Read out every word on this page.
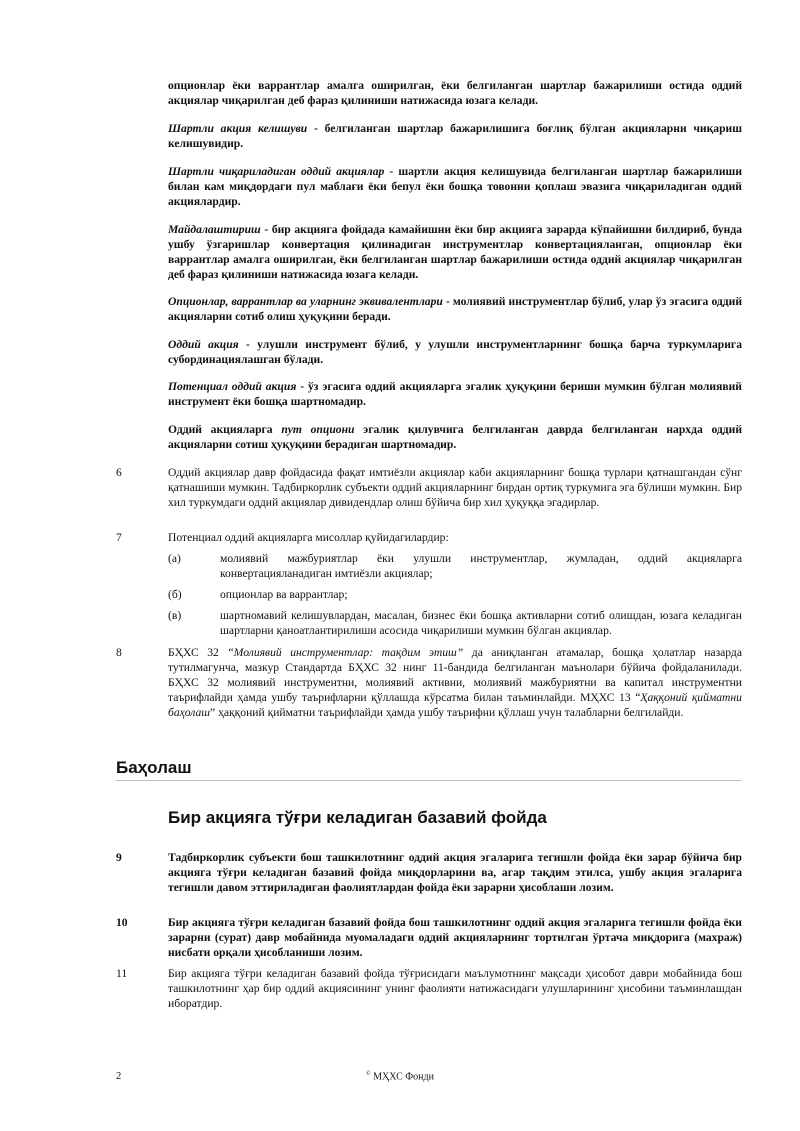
опционлар ёки варрантлар амалга оширилган, ёки белгиланган шартлар бажарилиши остида оддий акциялар чиқарилган деб фараз қилиниши натижасида юзага келади.

Шартли акция келишуви - белгиланган шартлар бажарилишига боғлиқ бўлган акцияларни чиқариш келишувидир.

Шартли чиқариладиган оддий акциялар - шартли акция келишувида белгиланган шартлар бажарилиши билан кам миқдордаги пул маблағи ёки бепул ёки бошқа товонни қоплаш эвазига чиқариладиган оддий акциялардир.

Майдалаштириш - бир акцияга фойдада камайишни ёки бир акцияга зарарда кўпайишни билдириб, бунда ушбу ўзгаришлар конвертация қилинадиган инструментлар конвертацияланган, опционлар ёки варрантлар амалга оширилган, ёки белгиланган шартлар бажарилиши остида оддий акциялар чиқарилган деб фараз қилиниши натижасида юзага келади.

Опционлар, варрантлар ва уларнинг эквивалентлари - молиявий инструментлар бўлиб, улар ўз эгасига оддий акцияларни сотиб олиш ҳуқуқини беради.

Оддий акция - улушли инструмент бўлиб, у улушли инструментларнинг бошқа барча туркумларига субординациялашган бўлади.

Потенциал оддий акция - ўз эгасига оддий акцияларга эгалик ҳуқуқини бериши мумкин бўлган молиявий инструмент ёки бошқа шартномадир.

Оддий акцияларга пут опциони эгалик қилувчига белгиланган даврда белгиланган нархда оддий акцияларни сотиш ҳуқуқини берадиган шартномадир.

6	Оддий акциялар давр фойдасида фақат имтиёзли акциялар каби акцияларнинг бошқа турлари қатнашгандан сўнг қатнашиши мумкин. Тадбиркорлик субъекти оддий акцияларнинг бирдан ортиқ туркумига эга бўлиши мумкин. Бир хил туркумдаги оддий акциялар дивидендлар олиш бўйича бир хил ҳуқуққа эгадирлар.
7	Потенциал оддий акцияларга мисоллар қуйидагилардир:
(а)	молиявий мажбуриятлар ёки улушли инструментлар, жумладан, оддий акцияларга конвертацияланадиган имтиёзли акциялар;
(б)	опционлар ва варрантлар;
(в)	шартномавий келишувлардан, масалан, бизнес ёки бошқа активларни сотиб олишдан, юзага келадиган шартларни қаноатлантирилиши асосида чиқарилиши мумкин бўлган акциялар.
8	БҲХС 32 “Молиявий инструментлар: тақдим этиш” да аниқланган атамалар, бошқа ҳолатлар назарда тутилмагунча, мазкур Стандартда БҲХС 32 нинг 11-бандида белгиланган маънолари бўйича фойдаланилади. БҲХС 32 молиявий инструментни, молиявий активни, молиявий мажбуриятни ва капитал инструментни таърифлайди ҳамда ушбу таърифларни қўллашда кўрсатма билан таъминлайди. МҲХС 13 “Ҳаққоний қийматни баҳолаш” ҳаққоний қийматни таърифлайди ҳамда ушбу таърифни қўллаш учун талабларни белгилайди.
Баҳолаш
Бир акцияга тўғри келадиган базавий фойда
9	Тадбиркорлик субъекти бош ташкилотнинг оддий акция эгаларига тегишли фойда ёки зарар бўйича бир акцияга тўғри келадиган базавий фойда миқдорларини ва, агар тақдим этилса, ушбу акция эгаларига тегишли давом эттириладиган фаолиятлардан фойда ёки зарарни ҳисоблаши лозим.
10	Бир акцияга тўғри келадиган базавий фойда бош ташкилотнинг оддий акция эгаларига тегишли фойда ёки зарарни (сурат) давр мобайнида муомаладаги оддий акцияларнинг тортилган ўртача миқдорига (махраж) нисбати орқали ҳисобланиши лозим.
11	Бир акцияга тўғри келадиган базавий фойда тўғрисидаги маълумотнинг мақсади ҳисобот даври мобайнида бош ташкилотнинг ҳар бир оддий акциясининг унинг фаолияти натижасидаги улушларининг ҳисобини таъминлашдан иборатдир.
2	© МҲХС Фонди
